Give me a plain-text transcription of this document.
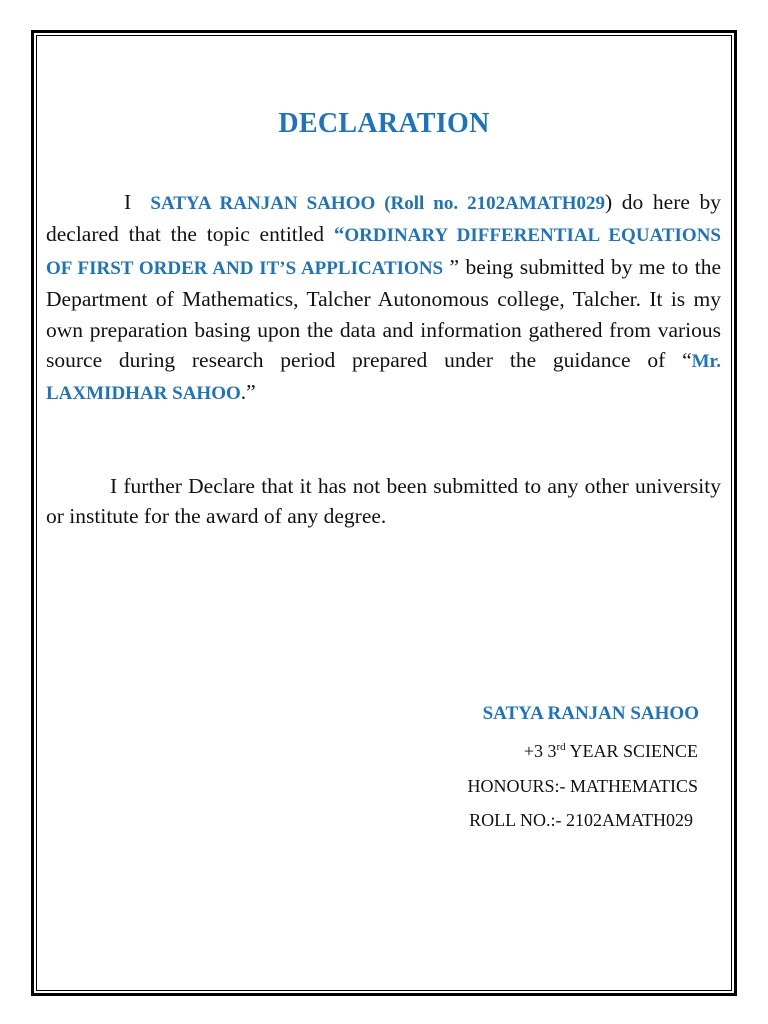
DECLARATION

I SATYA RANJAN SAHOO (Roll no. 2102AMATH029) do here by declared that the topic entitled “ORDINARY DIFFERENTIAL EQUATIONS OF FIRST ORDER AND IT’S APPLICATIONS ” being submitted by me to the Department of Mathematics, Talcher Autonomous college, Talcher. It is my own preparation basing upon the data and information gathered from various source during research period prepared under the guidance of “Mr. LAXMIDHAR SAHOO.”

I further Declare that it has not been submitted to any other university or institute for the award of any degree.

SATYA RANJAN SAHOO

+3 3rd YEAR SCIENCE

HONOURS:- MATHEMATICS

ROLL NO.:- 2102AMATH029
